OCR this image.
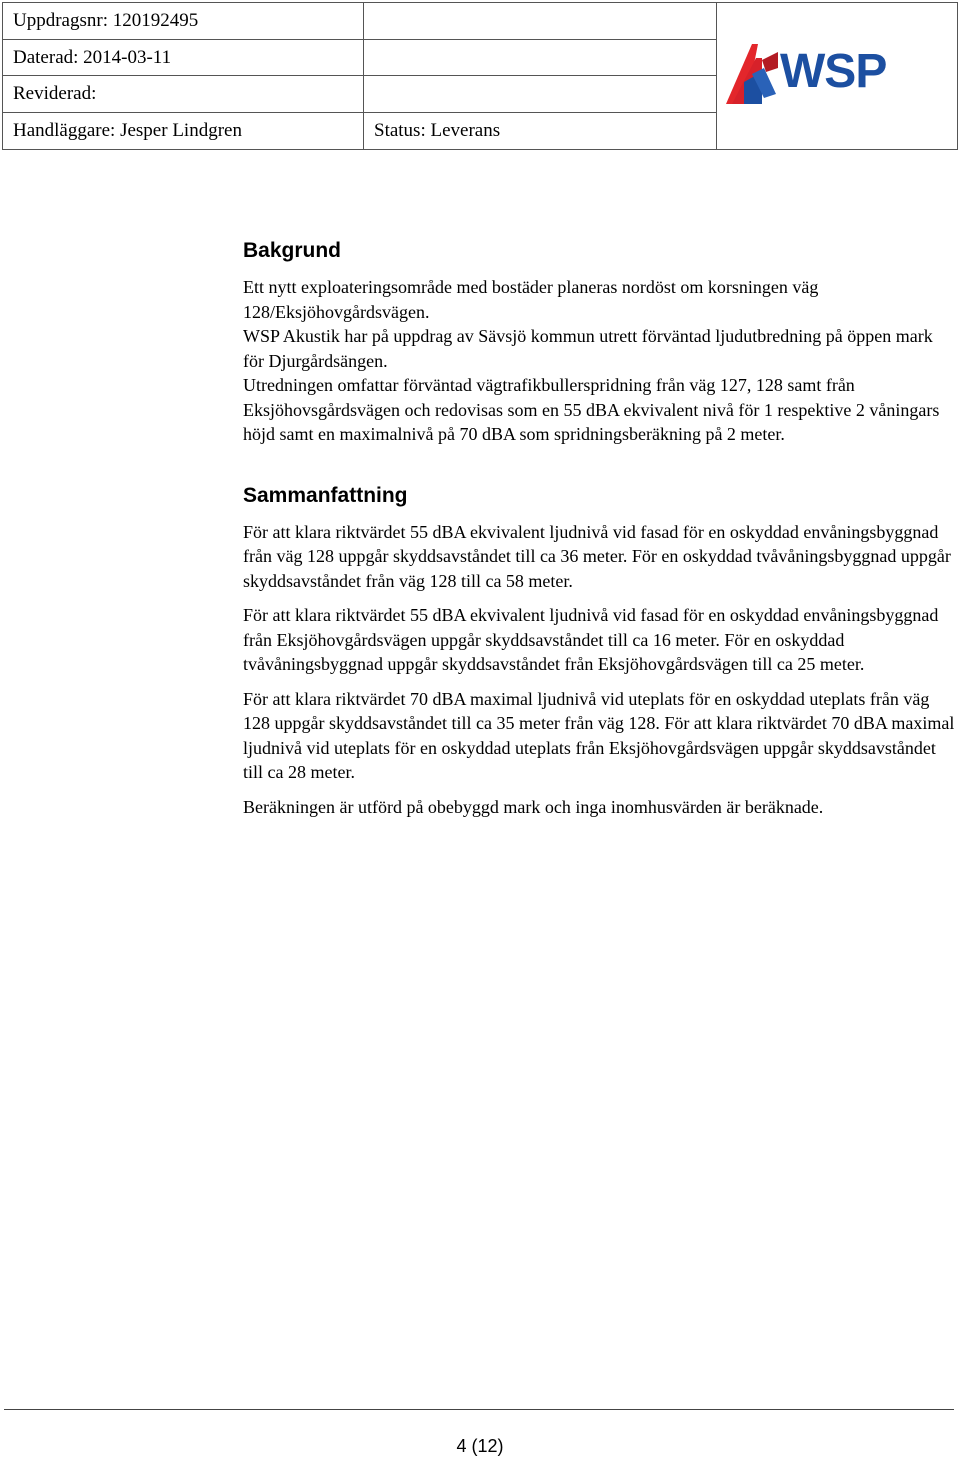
Uppdragsnr: 120192495
Daterad: 2014-03-11
Reviderad:
Handläggare: Jesper Lindgren	Status: Leverans
WSP
Bakgrund

Ett nytt exploateringsområde med bostäder planeras nordöst om korsningen väg 128/Eksjöhovgårdsvägen.

WSP Akustik har på uppdrag av Sävsjö kommun utrett förväntad ljudutbredning på öppen mark för Djurgårdsängen.

Utredningen omfattar förväntad vägtrafikbullerspridning från väg 127, 128 samt från Eksjöhovsgårdsvägen och redovisas som en 55 dBA ekvivalent nivå för 1 respektive 2 våningars höjd samt en maximalnivå på 70 dBA som spridningsberäkning på 2 meter.

Sammanfattning

För att klara riktvärdet 55 dBA ekvivalent ljudnivå vid fasad för en oskyddad envåningsbyggnad från väg 128 uppgår skyddsavståndet till ca 36 meter. För en oskyddad tvåvåningsbyggnad uppgår skyddsavståndet från väg 128 till ca 58 meter.

För att klara riktvärdet 55 dBA ekvivalent ljudnivå vid fasad för en oskyddad envåningsbyggnad från Eksjöhovgårdsvägen uppgår skyddsavståndet till ca 16 meter. För en oskyddad tvåvåningsbyggnad uppgår skyddsavståndet från Eksjöhovgårdsvägen till ca 25 meter.

För att klara riktvärdet 70 dBA maximal ljudnivå vid uteplats för en oskyddad uteplats från väg 128 uppgår skyddsavståndet till ca 35 meter från väg 128. För att klara riktvärdet 70 dBA maximal ljudnivå vid uteplats för en oskyddad uteplats från Eksjöhovgårdsvägen uppgår skyddsavståndet till ca 28 meter.

Beräkningen är utförd på obebyggd mark och inga inomhusvärden är beräknade.

4 (12)
